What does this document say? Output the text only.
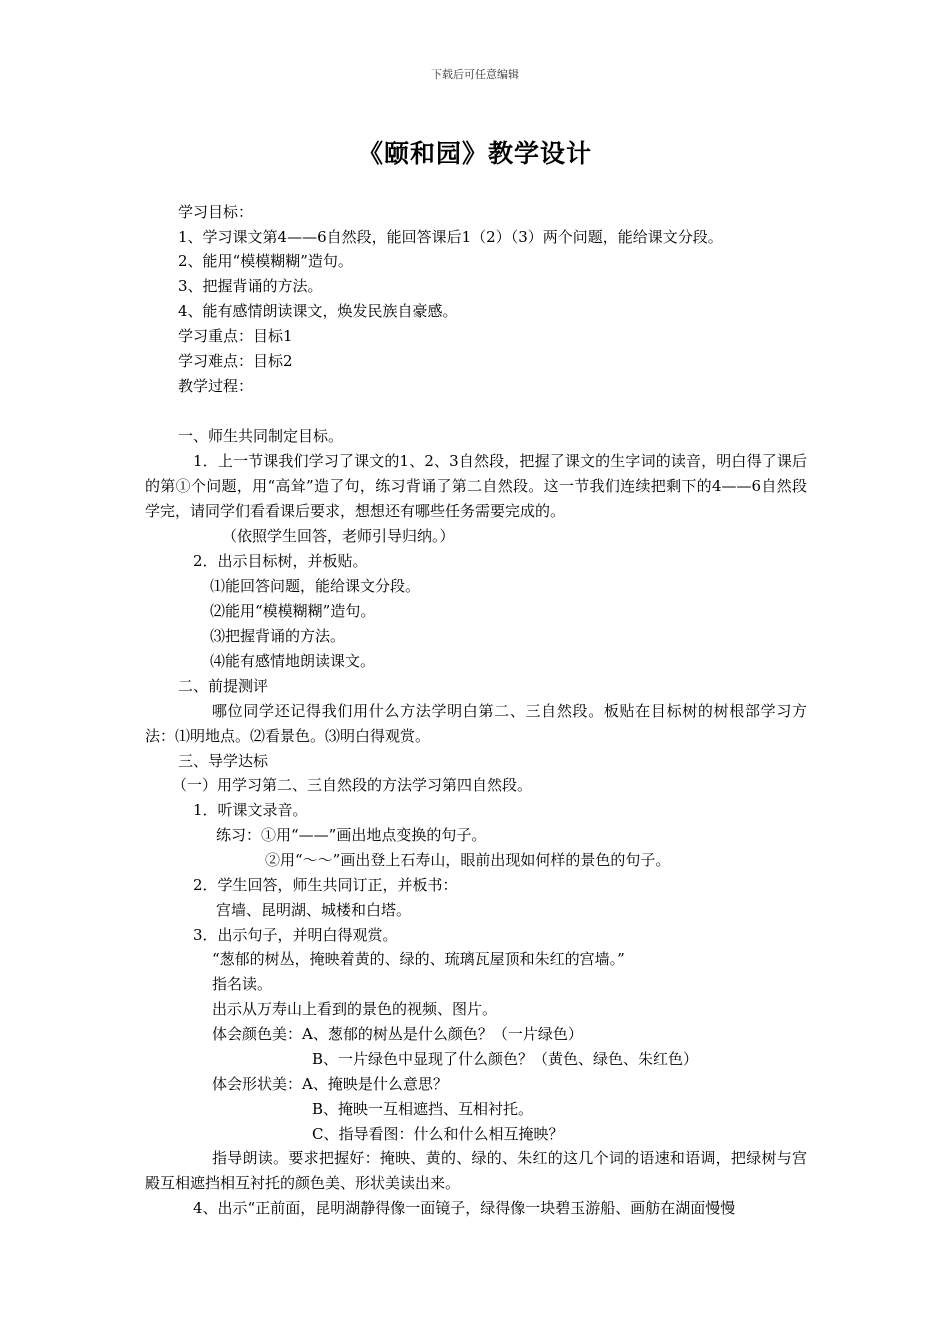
下载后可任意编辑
《颐和园》教学设计
学习目标：
1、学习课文第4——6自然段，能回答课后1（2）（3）两个问题，能给课文分段。
2、能用“模模糊糊”造句。
3、把握背诵的方法。
4、能有感情朗读课文，焕发民族自豪感。
学习重点：目标1
学习难点：目标2
教学过程：
一、师生共同制定目标。
1．上一节课我们学习了课文的1、2、3自然段，把握了课文的生字词的读音，明白得了课后的第①个问题，用“高耸”造了句，练习背诵了第二自然段。这一节我们连续把剩下的4——6自然段学完，请同学们看看课后要求，想想还有哪些任务需要完成的。
（依照学生回答，老师引导归纳。）
2．出示目标树，并板贴。
⑴能回答问题，能给课文分段。
⑵能用“模模糊糊”造句。
⑶把握背诵的方法。
⑷能有感情地朗读课文。
二、前提测评
哪位同学还记得我们用什么方法学明白第二、三自然段。板贴在目标树的树根部学习方法：⑴明地点。⑵看景色。⑶明白得观赏。
三、导学达标
（一）用学习第二、三自然段的方法学习第四自然段。
1．听课文录音。
练习：①用“——”画出地点变换的句子。
②用“～～”画出登上石寿山，眼前出现如何样的景色的句子。
2．学生回答，师生共同订正，并板书：
宫墙、昆明湖、城楼和白塔。
3．出示句子，并明白得观赏。
“葱郁的树丛，掩映着黄的、绿的、琉璃瓦屋顶和朱红的宫墙。”
指名读。
出示从万寿山上看到的景色的视频、图片。
体会颜色美：A、葱郁的树丛是什么颜色？（一片绿色）
B、一片绿色中显现了什么颜色？（黄色、绿色、朱红色）
体会形状美：A、掩映是什么意思？
B、掩映一互相遮挡、互相衬托。
C、指导看图：什么和什么相互掩映？
指导朗读。要求把握好：掩映、黄的、绿的、朱红的这几个词的语速和语调，把绿树与宫殿互相遮挡相互衬托的颜色美、形状美读出来。
4、出示“正前面，昆明湖静得像一面镜子，绿得像一块碧玉游船、画舫在湖面慢慢
